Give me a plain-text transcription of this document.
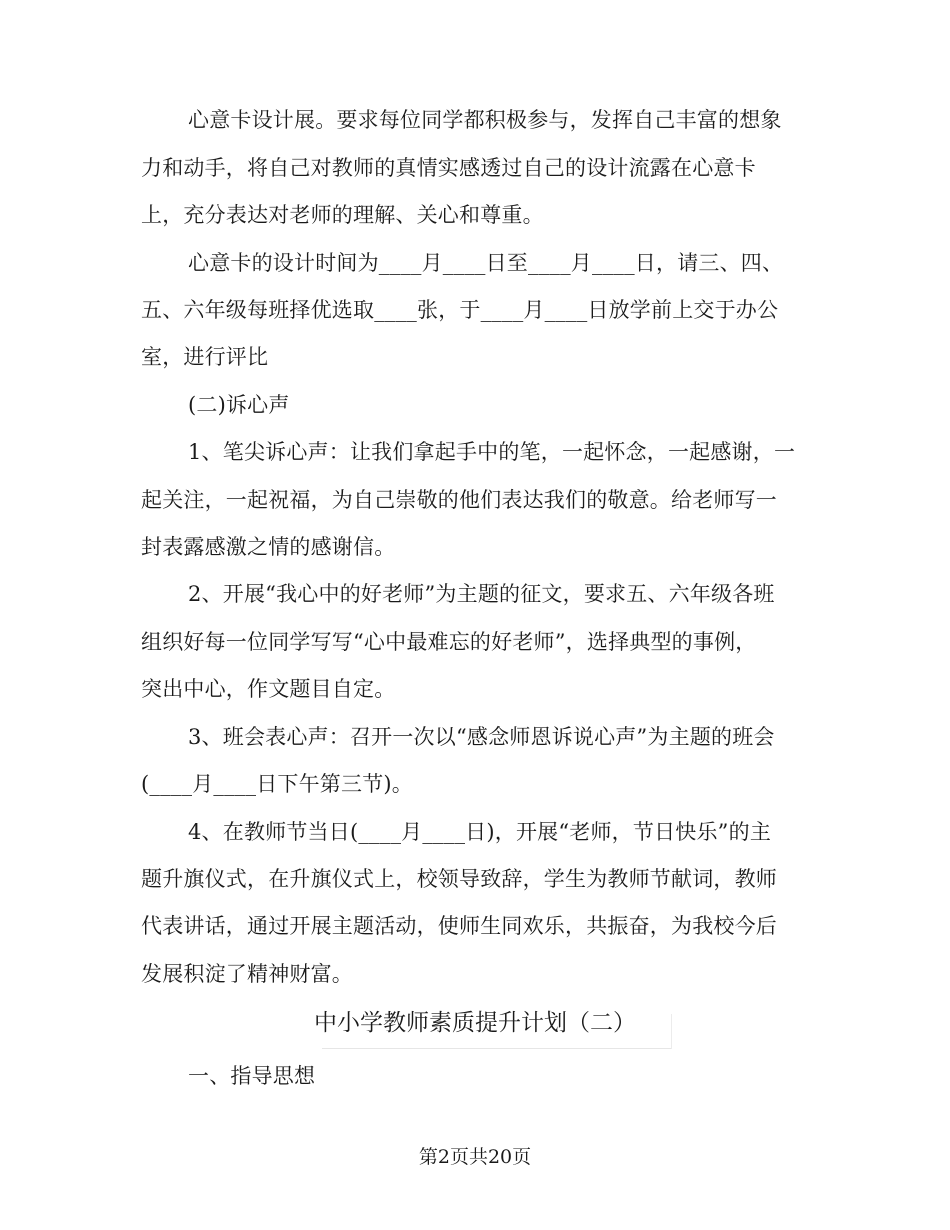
心意卡设计展。要求每位同学都积极参与，发挥自己丰富的想象
力和动手，将自己对教师的真情实感透过自己的设计流露在心意卡
上，充分表达对老师的理解、关心和尊重。
心意卡的设计时间为____月____日至____月____日，请三、四、
五、六年级每班择优选取____张，于____月____日放学前上交于办公
室，进行评比
(二)诉心声
1、笔尖诉心声：让我们拿起手中的笔，一起怀念，一起感谢，一
起关注，一起祝福，为自己崇敬的他们表达我们的敬意。给老师写一
封表露感激之情的感谢信。
2、开展“我心中的好老师”为主题的征文，要求五、六年级各班
组织好每一位同学写写“心中最难忘的好老师”，选择典型的事例，
突出中心，作文题目自定。
3、班会表心声：召开一次以“感念师恩诉说心声”为主题的班会
(____月____日下午第三节)。
4、在教师节当日(____月____日)，开展“老师，节日快乐”的主
题升旗仪式，在升旗仪式上，校领导致辞，学生为教师节献词，教师
代表讲话，通过开展主题活动，使师生同欢乐，共振奋，为我校今后
发展积淀了精神财富。
中小学教师素质提升计划（二）
一、指导思想
第2页共20页
